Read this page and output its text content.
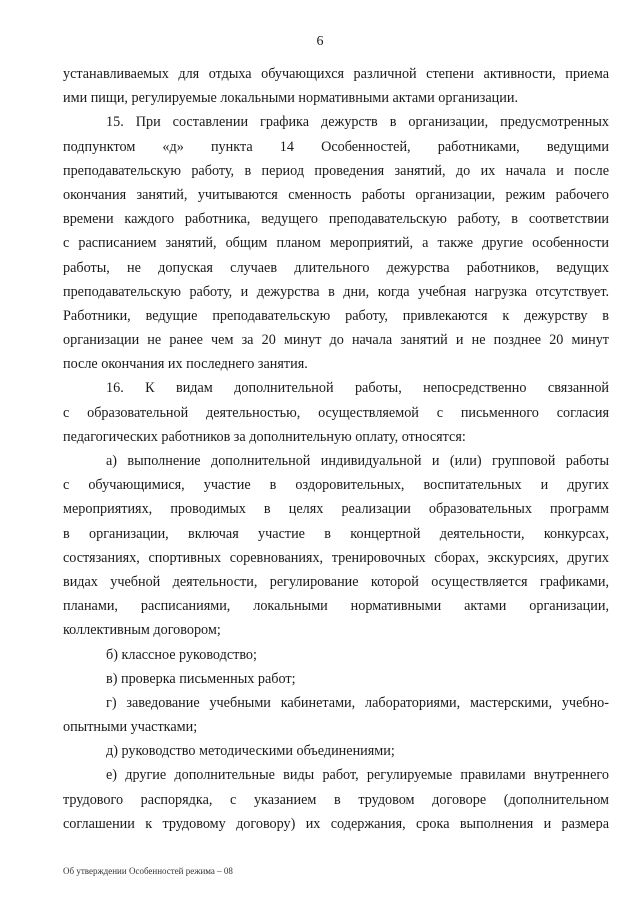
6
устанавливаемых для отдыха обучающихся различной степени активности, приема
ими пищи, регулируемые локальными нормативными актами организации.
15. При составлении графика дежурств в организации, предусмотренных
подпунктом «д» пункта 14 Особенностей, работниками, ведущими
преподавательскую работу, в период проведения занятий, до их начала и после
окончания занятий, учитываются сменность работы организации, режим рабочего
времени каждого работника, ведущего преподавательскую работу, в соответствии
с расписанием занятий, общим планом мероприятий, а также другие особенности
работы, не допуская случаев длительного дежурства работников, ведущих
преподавательскую работу, и дежурства в дни, когда учебная нагрузка отсутствует.
Работники, ведущие преподавательскую работу, привлекаются к дежурству в
организации не ранее чем за 20 минут до начала занятий и не позднее 20 минут
после окончания их последнего занятия.
16. К видам дополнительной работы, непосредственно связанной
с образовательной деятельностью, осуществляемой с письменного согласия
педагогических работников за дополнительную оплату, относятся:
а) выполнение дополнительной индивидуальной и (или) групповой работы
с обучающимися, участие в оздоровительных, воспитательных и других
мероприятиях, проводимых в целях реализации образовательных программ
в организации, включая участие в концертной деятельности, конкурсах,
состязаниях, спортивных соревнованиях, тренировочных сборах, экскурсиях, других
видах учебной деятельности, регулирование которой осуществляется графиками,
планами, расписаниями, локальными нормативными актами организации,
коллективным договором;
б) классное руководство;
в) проверка письменных работ;
г) заведование учебными кабинетами, лабораториями, мастерскими, учебно-
опытными участками;
д) руководство методическими объединениями;
е) другие дополнительные виды работ, регулируемые правилами внутреннего
трудового распорядка, с указанием в трудовом договоре (дополнительном
соглашении к трудовому договору) их содержания, срока выполнения и размера
Об утверждении Особенностей режима – 08
